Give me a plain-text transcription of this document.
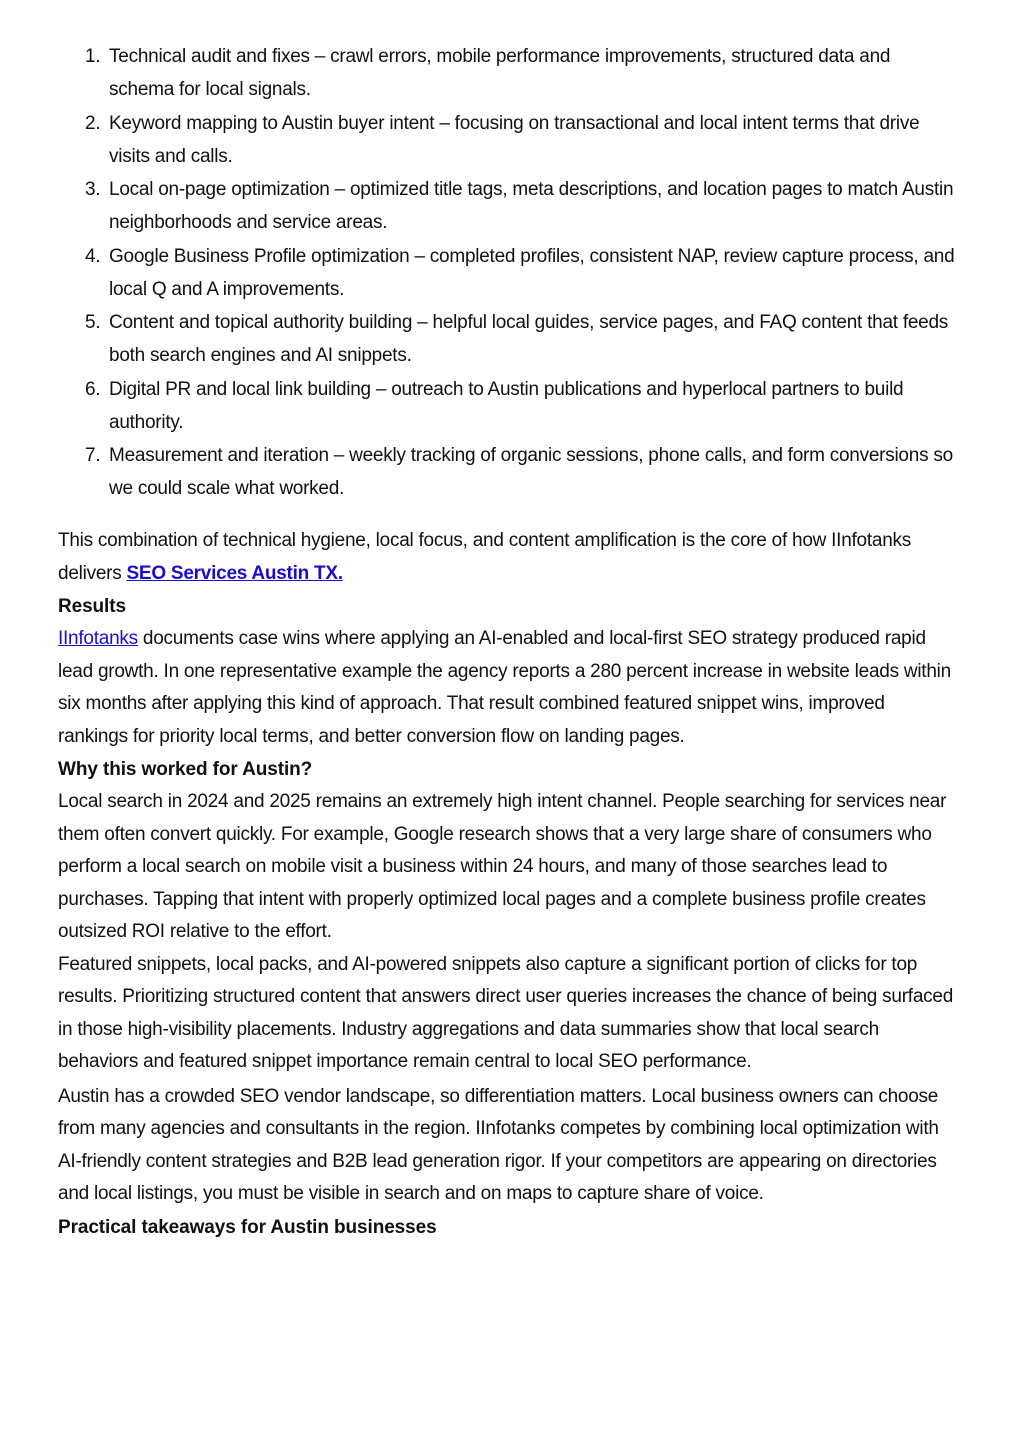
1. Technical audit and fixes – crawl errors, mobile performance improvements, structured data and schema for local signals.
2. Keyword mapping to Austin buyer intent – focusing on transactional and local intent terms that drive visits and calls.
3. Local on-page optimization – optimized title tags, meta descriptions, and location pages to match Austin neighborhoods and service areas.
4. Google Business Profile optimization – completed profiles, consistent NAP, review capture process, and local Q and A improvements.
5. Content and topical authority building – helpful local guides, service pages, and FAQ content that feeds both search engines and AI snippets.
6. Digital PR and local link building – outreach to Austin publications and hyperlocal partners to build authority.
7. Measurement and iteration – weekly tracking of organic sessions, phone calls, and form conversions so we could scale what worked.

This combination of technical hygiene, local focus, and content amplification is the core of how IInfotanks delivers SEO Services Austin TX.

Results

IInfotanks documents case wins where applying an AI-enabled and local-first SEO strategy produced rapid lead growth. In one representative example the agency reports a 280 percent increase in website leads within six months after applying this kind of approach. That result combined featured snippet wins, improved rankings for priority local terms, and better conversion flow on landing pages.

Why this worked for Austin?

Local search in 2024 and 2025 remains an extremely high intent channel. People searching for services near them often convert quickly. For example, Google research shows that a very large share of consumers who perform a local search on mobile visit a business within 24 hours, and many of those searches lead to purchases. Tapping that intent with properly optimized local pages and a complete business profile creates outsized ROI relative to the effort.

Featured snippets, local packs, and AI-powered snippets also capture a significant portion of clicks for top results. Prioritizing structured content that answers direct user queries increases the chance of being surfaced in those high-visibility placements. Industry aggregations and data summaries show that local search behaviors and featured snippet importance remain central to local SEO performance.

Austin has a crowded SEO vendor landscape, so differentiation matters. Local business owners can choose from many agencies and consultants in the region. IInfotanks competes by combining local optimization with AI-friendly content strategies and B2B lead generation rigor. If your competitors are appearing on directories and local listings, you must be visible in search and on maps to capture share of voice.

Practical takeaways for Austin businesses
